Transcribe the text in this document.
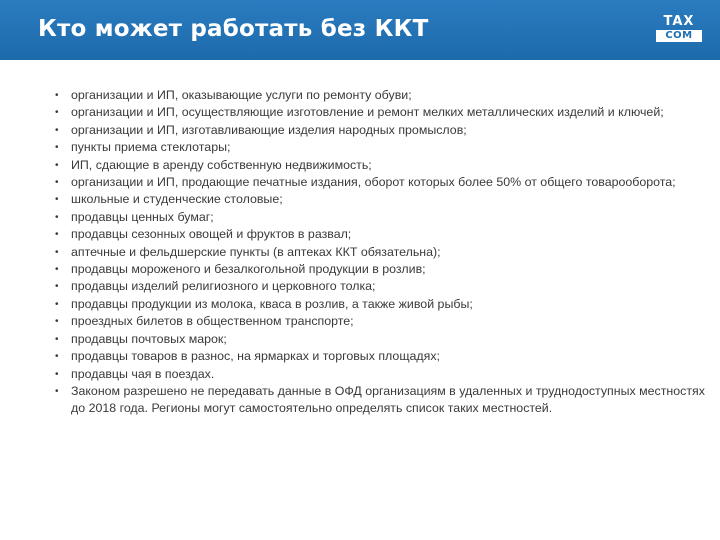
Кто может работать без ККТ	TAX
COM
• организации и ИП, оказывающие услуги по ремонту обуви;
• организации и ИП, осуществляющие изготовление и ремонт мелких металлических изделий и ключей;
• организации и ИП, изготавливающие изделия народных промыслов;
• пункты приема стеклотары;
• ИП, сдающие в аренду собственную недвижимость;
• организации и ИП, продающие печатные издания, оборот которых более 50% от общего товарооборота;
• школьные и студенческие столовые;
• продавцы ценных бумаг;
• продавцы сезонных овощей и фруктов в развал;
• аптечные и фельдшерские пункты (в аптеках ККТ обязательна);
• продавцы мороженого и безалкогольной продукции в розлив;
• продавцы изделий религиозного и церковного толка;
• продавцы продукции из молока, кваса в розлив, а также живой рыбы;
• проездных билетов в общественном транспорте;
• продавцы почтовых марок;
• продавцы товаров в разнос, на ярмарках и торговых площадях;
• продавцы чая в поездах.
• Законом разрешено не передавать данные в ОФД организациям в удаленных и труднодоступных местностях до 2018 года. Регионы могут самостоятельно определять список таких местностей.
